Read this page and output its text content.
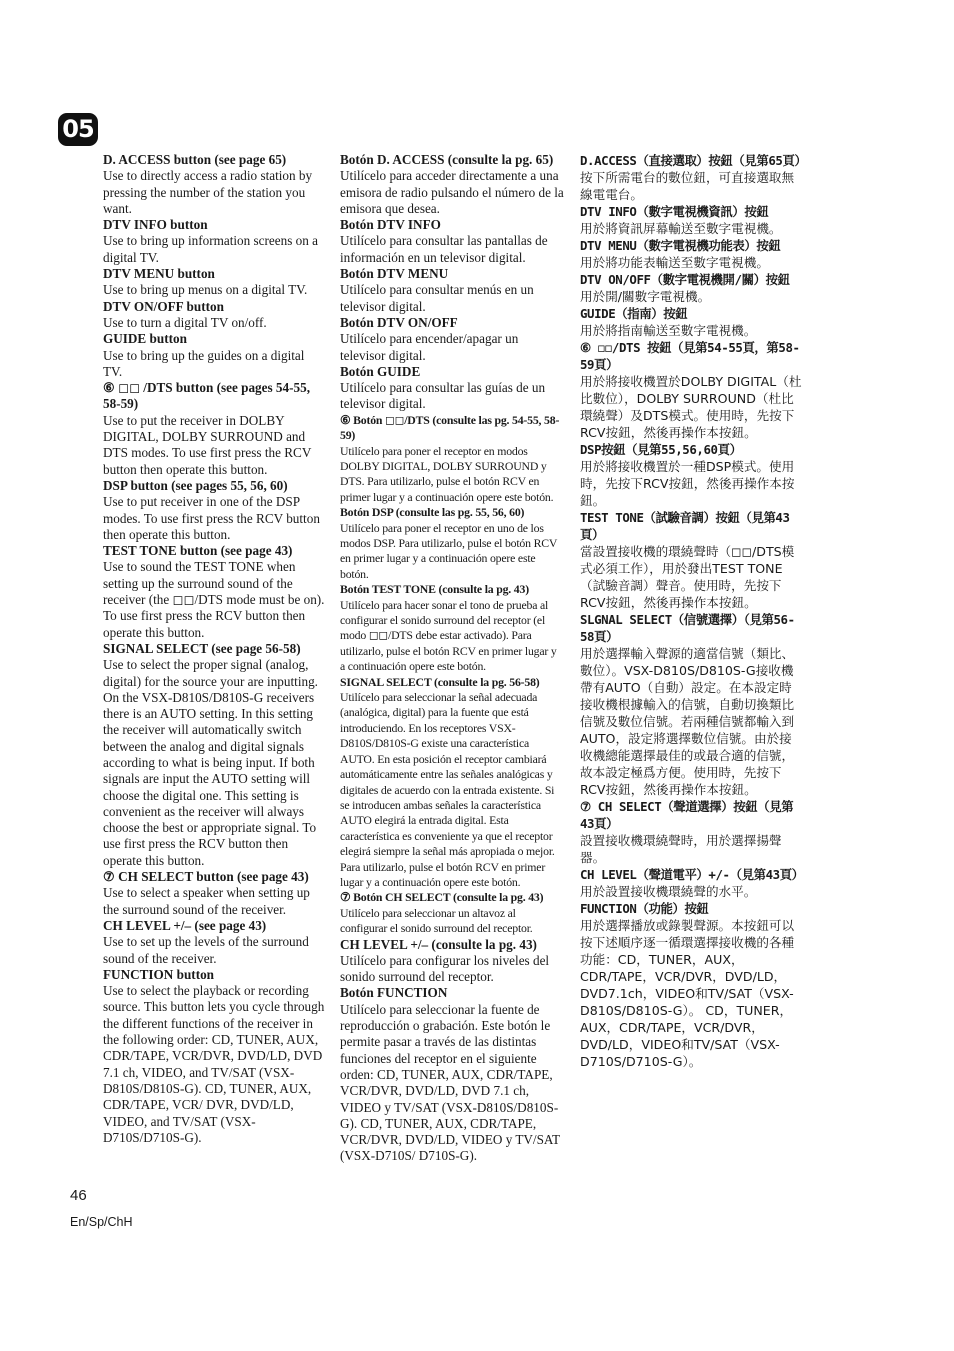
05
D. ACCESS button (see page 65)
Use to directly access a radio station by pressing the number of the station you want.
DTV INFO button
Use to bring up information screens on a digital TV.
DTV MENU button
Use to bring up menus on a digital TV.
DTV ON/OFF button
Use to turn a digital TV on/off.
GUIDE button
Use to bring up the guides on a digital TV.
⑥ ◻◻ /DTS button (see pages 54-55, 58-59)
Use to put the receiver in DOLBY DIGITAL, DOLBY SURROUND and DTS modes. To use first press the RCV button then operate this button.
DSP button (see pages 55, 56, 60)
Use to put receiver in one of the DSP modes. To use first press the RCV button then operate this button.
TEST TONE button (see page 43)
Use to sound the TEST TONE when setting up the surround sound of the receiver (the ◻◻/DTS mode must be on). To use first press the RCV button then operate this button.
SIGNAL SELECT (see page 56-58)
Use to select the proper signal (analog, digital) for the source your are inputting. On the VSX-D810S/D810S-G receivers there is an AUTO setting. In this setting the receiver will automatically switch between the analog and digital signals according to what is being input. If both signals are input the AUTO setting will choose the digital one. This setting is convenient as the receiver will always choose the best or appropriate signal. To use first press the RCV button then operate this button.
⑦ CH SELECT button (see page 43)
Use to select a speaker when setting up the surround sound of the receiver.
CH LEVEL +/– (see page 43)
Use to set up the levels of the surround sound of the receiver.
FUNCTION button
Use to select the playback or recording source. This button lets you cycle through the different functions of the receiver in the following order: CD, TUNER, AUX, CDR/TAPE, VCR/DVR, DVD/LD, DVD 7.1 ch, VIDEO, and TV/SAT (VSX-D810S/D810S-G). CD, TUNER, AUX, CDR/TAPE, VCR/ DVR, DVD/LD, VIDEO, and TV/SAT (VSX-D710S/D710S-G).
Botón D. ACCESS (consulte la pg. 65)
Utilícelo para acceder directamente a una emisora de radio pulsando el número de la emisora que desea.
Botón DTV INFO
Utilícelo para consultar las pantallas de información en un televisor digital.
Botón DTV MENU
Utilícelo para consultar menús en un televisor digital.
Botón DTV ON/OFF
Utilícelo para encender/apagar un televisor digital.
Botón GUIDE
Utilícelo para consultar las guías de un televisor digital.
⑥ Botón ◻◻/DTS (consulte las pg. 54-55, 58-59)
Utilícelo para poner el receptor en modos DOLBY DIGITAL, DOLBY SURROUND y DTS. Para utilizarlo, pulse el botón RCV en primer lugar y a continuación opere este botón.
Botón DSP (consulte las pg. 55, 56, 60)
Utilícelo para poner el receptor en uno de los modos DSP. Para utilizarlo, pulse el botón RCV en primer lugar y a continuación opere este botón.
Botón TEST TONE (consulte la pg. 43)
Utilícelo para hacer sonar el tono de prueba al configurar el sonido surround del receptor (el modo ◻◻/DTS debe estar activado). Para utilizarlo, pulse el botón RCV en primer lugar y a continuación opere este botón.
SIGNAL SELECT (consulte la pg. 56-58)
Utilícelo para seleccionar la señal adecuada (analógica, digital) para la fuente que está introduciendo. En los receptores VSX-D810S/D810S-G existe una característica AUTO. En esta posición el receptor cambiará automáticamente entre las señales analógicas y digitales de acuerdo con la entrada existente. Si se introducen ambas señales la característica AUTO elegirá la entrada digital. Esta característica es conveniente ya que el receptor elegirá siempre la señal más apropiada o mejor. Para utilizarlo, pulse el botón RCV en primer lugar y a continuación opere este botón.
⑦ Botón CH SELECT (consulte la pg. 43)
Utilícelo para seleccionar un altavoz al configurar el sonido surround del receptor.
CH LEVEL +/– (consulte la pg. 43)
Utilícelo para configurar los niveles del sonido surround del receptor.
Botón FUNCTION
Utilícelo para seleccionar la fuente de reproducción o grabación. Este botón le permite pasar a través de las distintas funciones del receptor en el siguiente orden: CD, TUNER, AUX, CDR/TAPE, VCR/DVR, DVD/LD, DVD 7.1 ch, VIDEO y TV/SAT (VSX-D810S/D810S-G). CD, TUNER, AUX, CDR/TAPE, VCR/DVR, DVD/LD, VIDEO y TV/SAT (VSX-D710S/ D710S-G).
D.ACCESS（直接選取）按鈕（見第65頁）
按下所需電台的數位鈕，可直接選取無線電電台。
DTV INFO（數字電視機資訊）按鈕
用於將資訊屏幕輸送至數字電視機。
DTV MENU（數字電視機功能表）按鈕
用於將功能表輸送至數字電視機。
DTV ON/OFF（數字電視機開/關）按鈕
用於開/關數字電視機。
GUIDE（指南）按鈕
用於將指南輸送至數字電視機。
⑥ ◻◻/DTS 按鈕（見第54-55頁，第58-59頁）
用於將接收機置於DOLBY DIGITAL（杜比數位），DOLBY SURROUND（杜比環繞聲）及DTS模式。使用時，先按下RCV按鈕，然後再操作本按鈕。
DSP按鈕（見第55,56,60頁）
用於將接收機置於一種DSP模式。使用時，先按下RCV按鈕，然後再操作本按鈕。
TEST TONE（試驗音調）按鈕（見第43頁）
當設置接收機的環繞聲時（◻◻/DTS模式必須工作），用於發出TEST TONE（試驗音調）聲音。使用時，先按下RCV按鈕，然後再操作本按鈕。
SLGNAL SELECT（信號選擇）（見第56-58頁）
用於選擇輸入聲源的適當信號（類比、數位）。VSX-D810S/D810S-G接收機帶有AUTO（自動）設定。在本設定時接收機根據輸入的信號，自動切換類比信號及數位信號。若兩種信號都輸入到AUTO，設定將選擇數位信號。由於接收機總能選擇最佳的或最合適的信號，故本設定極爲方便。使用時，先按下RCV按鈕，然後再操作本按鈕。
⑦ CH SELECT（聲道選擇）按鈕（見第43頁）
設置接收機環繞聲時，用於選擇揚聲器。
CH LEVEL（聲道電平）+/-（見第43頁）
用於設置接收機環繞聲的水平。
FUNCTION（功能）按鈕
用於選擇播放或錄製聲源。本按鈕可以按下述順序逐一循環選擇接收機的各種功能：CD，TUNER，AUX，CDR/TAPE，VCR/DVR，DVD/LD，DVD7.1ch，VIDEO和TV/SAT（VSX-D810S/D810S-G）。 CD，TUNER，AUX，CDR/TAPE，VCR/DVR，DVD/LD，VIDEO和TV/SAT（VSX-D710S/D710S-G）。
46
En/Sp/ChH
